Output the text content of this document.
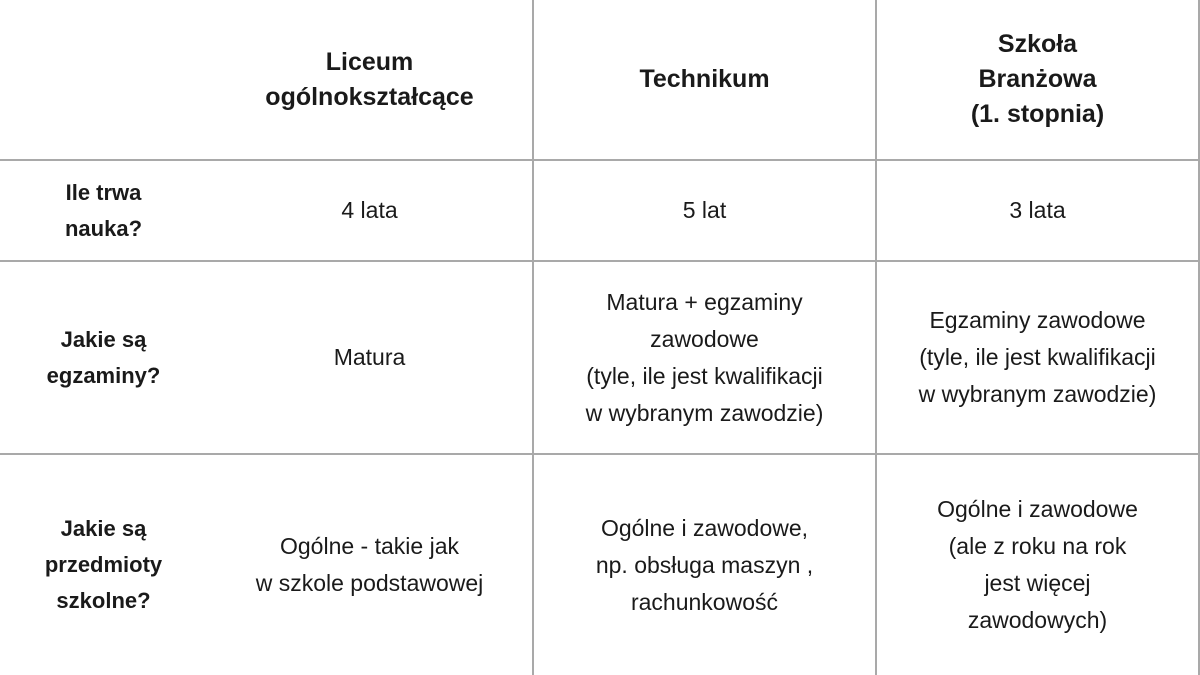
Liceum
ogólnokształcące
Technikum
Szkoła
Branżowa
(1. stopnia)
Ile trwa
nauka?
4 lata	5 lat	3 lata
Jakie są
egzaminy?
Matura
Matura + egzaminy
zawodowe
(tyle, ile jest kwalifikacji
w wybranym zawodzie)
Egzaminy zawodowe
(tyle, ile jest kwalifikacji
w wybranym zawodzie)
Jakie są
przedmioty
szkolne?
Ogólne - takie jak
w szkole podstawowej
Ogólne i zawodowe,
np. obsługa maszyn ,
rachunkowość
Ogólne i zawodowe
(ale z roku na rok
jest więcej
zawodowych)
